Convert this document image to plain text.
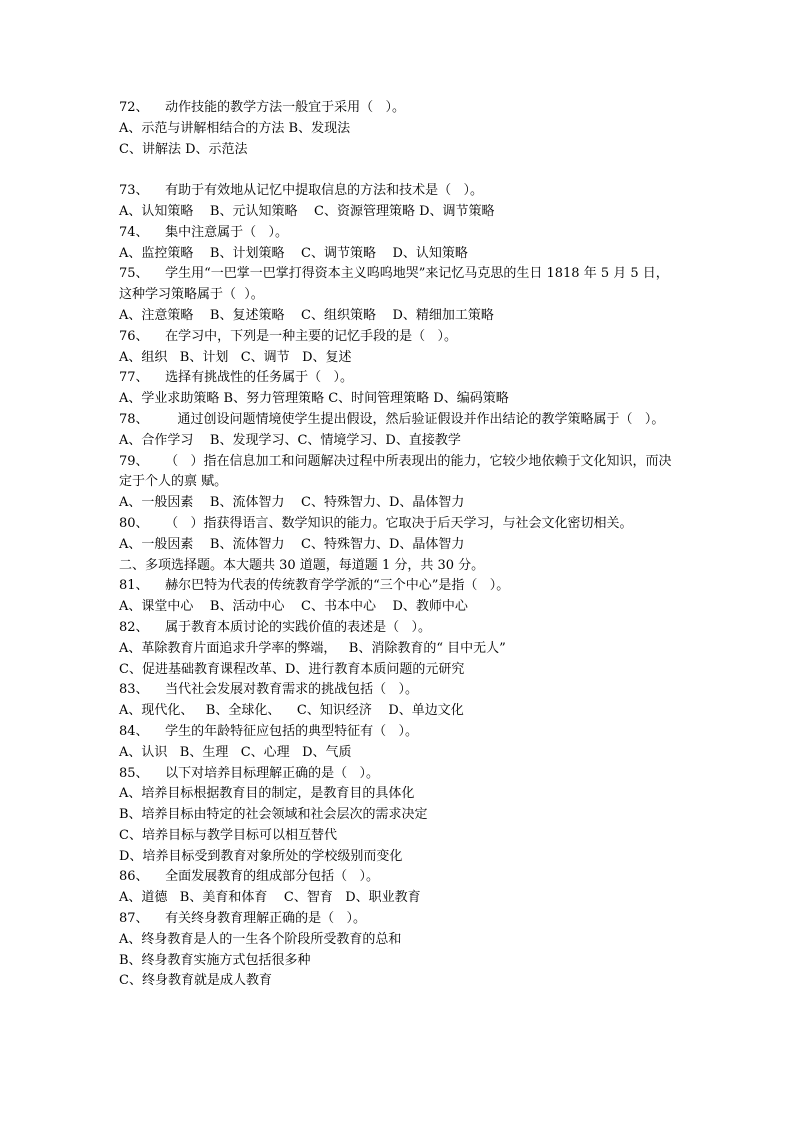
72、    动作技能的教学方法一般宜于采用（   ）。
A、示范与讲解相结合的方法 B、发现法
C、讲解法 D、示范法
73、    有助于有效地从记忆中提取信息的方法和技术是（   ）。
A、认知策略    B、元认知策略    C、资源管理策略 D、调节策略
74、    集中注意属于（   ）。
A、监控策略    B、计划策略    C、调节策略    D、认知策略
75、    学生用“一巴掌一巴掌打得资本主义呜呜地哭”来记忆马克思的生日 1818 年 5 月 5 日，这种学习策略属于（  ）。
A、注意策略    B、复述策略    C、组织策略    D、精细加工策略
76、    在学习中，下列是一种主要的记忆手段的是（   ）。
A、组织   B、计划   C、调节   D、复述
77、    选择有挑战性的任务属于（   ）。
A、学业求助策略 B、努力管理策略 C、时间管理策略 D、编码策略
78、       通过创设问题情境使学生提出假设，然后验证假设并作出结论的教学策略属于（   ）。
A、合作学习    B、发现学习、C、情境学习、D、直接教学
79、    （   ）指在信息加工和问题解决过程中所表现出的能力，它较少地依赖于文化知识，而决定于个人的禀 赋。
A、一般因素    B、流体智力    C、特殊智力、D、晶体智力
80、    （   ）指获得语言、数学知识的能力。它取决于后天学习，与社会文化密切相关。
A、一般因素    B、流体智力    C、特殊智力、D、晶体智力
二、多项选择题。本大题共 30 道题，每道题 1 分，共 30 分。
81、    赫尔巴特为代表的传统教育学学派的“三个中心”是指（   ）。
A、课堂中心    B、活动中心    C、书本中心    D、教师中心
82、    属于教育本质讨论的实践价值的表述是（   ）。
A、革除教育片面追求升学率的弊端，   B、消除教育的“ 目中无人”
C、促进基础教育课程改革、D、进行教育本质问题的元研究
83、    当代社会发展对教育需求的挑战包括（   ）。
A、现代化、   B、全球化、    C、知识经济    D、单边文化
84、    学生的年龄特征应包括的典型特征有（   ）。
A、认识   B、生理   C、心理   D、气质
85、    以下对培养目标理解正确的是（   ）。
A、培养目标根据教育目的制定，是教育目的具体化
B、培养目标由特定的社会领域和社会层次的需求决定
C、培养目标与教学目标可以相互替代
D、培养目标受到教育对象所处的学校级别而变化
86、    全面发展教育的组成部分包括（   ）。
A、道德   B、美育和体育    C、智育   D、职业教育
87、    有关终身教育理解正确的是（   ）。
A、终身教育是人的一生各个阶段所受教育的总和
B、终身教育实施方式包括很多种
C、终身教育就是成人教育
